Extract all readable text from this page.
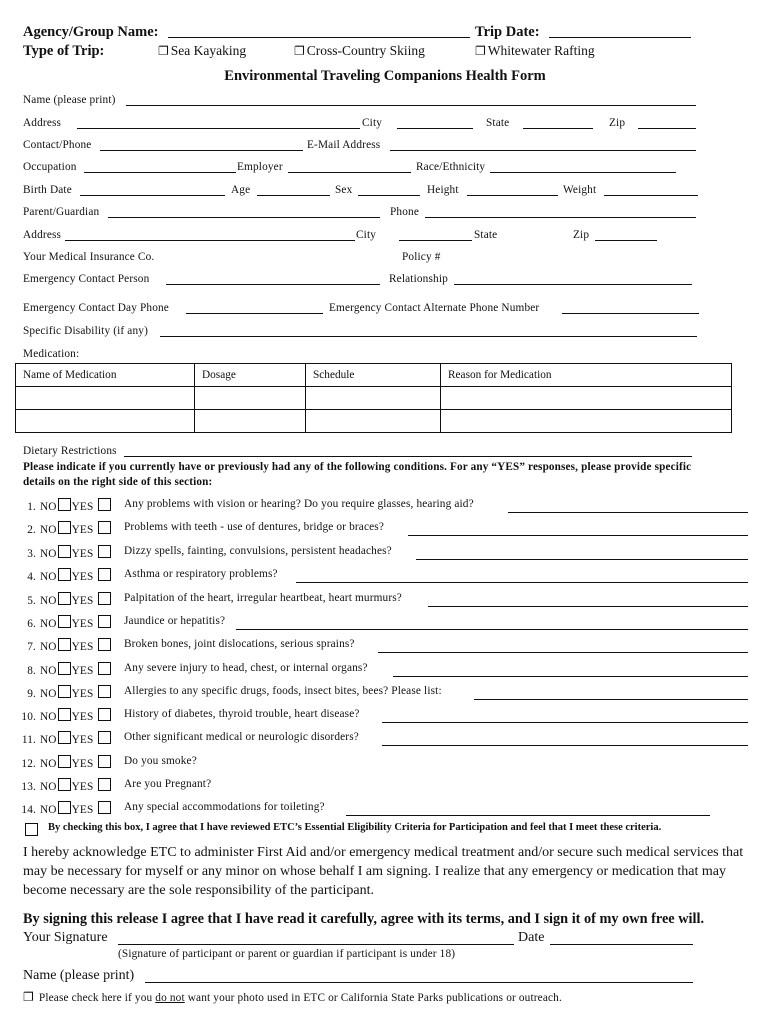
Agency/Group Name:	Trip Date:
Type of Trip:	❐ Sea Kayaking	❐ Cross-Country Skiing	❐ Whitewater Rafting
Environmental Traveling Companions Health Form
Name (please print)
Address	City	State	Zip
Contact/Phone	E-Mail Address
Occupation	Employer	Race/Ethnicity
Birth Date	Age	Sex	Height	Weight
Parent/Guardian	Phone
Address	City	State	Zip
Your Medical Insurance Co.	Policy #
Emergency Contact Person	Relationship
Emergency Contact Day Phone	Emergency Contact Alternate Phone Number
Specific Disability (if any)
Medication:
Name of Medication	Dosage	Schedule	Reason for Medication

Dietary Restrictions
Please indicate if you currently have or previously had any of the following conditions. For any “YES” responses, please provide specific details on the right side of this section:
1. NO YES	Any problems with vision or hearing? Do you require glasses, hearing aid?
2. NO YES	Problems with teeth - use of dentures, bridge or braces?
3. NO YES	Dizzy spells, fainting, convulsions, persistent headaches?
4. NO YES	Asthma or respiratory problems?
5. NO YES	Palpitation of the heart, irregular heartbeat, heart murmurs?
6. NO YES	Jaundice or hepatitis?
7. NO YES	Broken bones, joint dislocations, serious sprains?
8. NO YES	Any severe injury to head, chest, or internal organs?
9. NO YES	Allergies to any specific drugs, foods, insect bites, bees? Please list:
10. NO YES	History of diabetes, thyroid trouble, heart disease?
11. NO YES	Other significant medical or neurologic disorders?
12. NO YES	Do you smoke?
13. NO YES	Are you Pregnant?
14. NO YES	Any special accommodations for toileting?
By checking this box, I agree that I have reviewed ETC’s Essential Eligibility Criteria for Participation and feel that I meet these criteria.
I hereby acknowledge ETC to administer First Aid and/or emergency medical treatment and/or secure such medical services that may be necessary for myself or any minor on whose behalf I am signing. I realize that any emergency or medication that may become necessary are the sole responsibility of the participant.
By signing this release I agree that I have read it carefully, agree with its terms, and I sign it of my own free will.
Your Signature	Date
(Signature of participant or parent or guardian if participant is under 18)
Name (please print)
❐ Please check here if you do not want your photo used in ETC or California State Parks publications or outreach.
